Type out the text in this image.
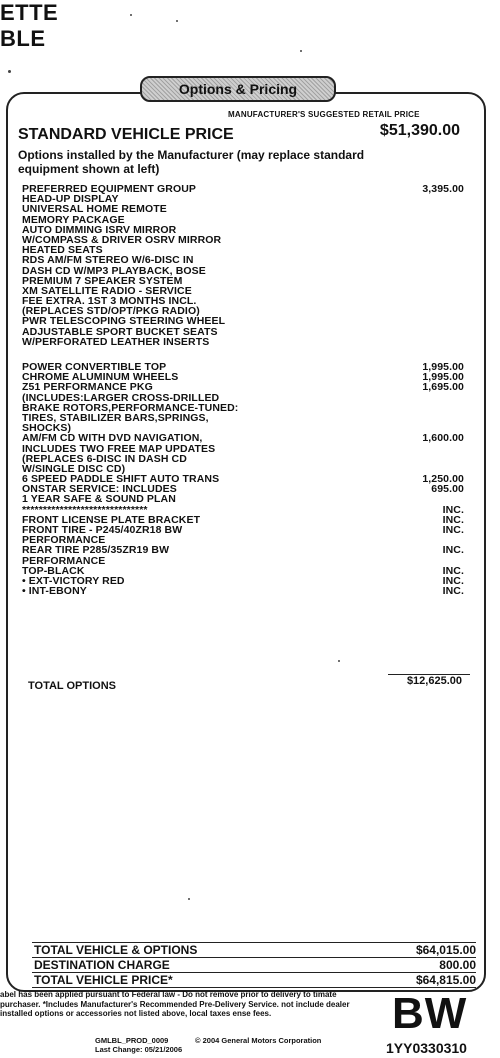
ETTE
BLE
Options & Pricing
MANUFACTURER'S SUGGESTED RETAIL PRICE
STANDARD VEHICLE PRICE	$51,390.00
Options installed by the Manufacturer (may replace standard equipment shown at left)
PREFERRED EQUIPMENT GROUP	3,395.00
HEAD-UP DISPLAY
UNIVERSAL HOME REMOTE
MEMORY PACKAGE
AUTO DIMMING ISRV MIRROR
W/COMPASS & DRIVER OSRV MIRROR
HEATED SEATS
RDS AM/FM STEREO W/6-DISC IN
DASH CD W/MP3 PLAYBACK, BOSE
PREMIUM 7 SPEAKER SYSTEM
XM SATELLITE RADIO - SERVICE
FEE EXTRA. 1ST 3 MONTHS INCL.
(REPLACES STD/OPT/PKG RADIO)
PWR TELESCOPING STEERING WHEEL
ADJUSTABLE SPORT BUCKET SEATS
W/PERFORATED LEATHER INSERTS
POWER CONVERTIBLE TOP	1,995.00
CHROME ALUMINUM WHEELS	1,995.00
Z51 PERFORMANCE PKG	1,695.00
(INCLUDES:LARGER CROSS-DRILLED
BRAKE ROTORS,PERFORMANCE-TUNED:
TIRES, STABILIZER BARS,SPRINGS,
SHOCKS)
AM/FM CD WITH DVD NAVIGATION,	1,600.00
INCLUDES TWO FREE MAP UPDATES
(REPLACES 6-DISC IN DASH CD
W/SINGLE DISC CD)
6 SPEED PADDLE SHIFT AUTO TRANS	1,250.00
ONSTAR SERVICE: INCLUDES	695.00
1 YEAR SAFE & SOUND PLAN
******************************	INC.
FRONT LICENSE PLATE BRACKET	INC.
FRONT TIRE - P245/40ZR18 BW	INC.
PERFORMANCE
REAR TIRE P285/35ZR19 BW	INC.
PERFORMANCE
TOP-BLACK	INC.
• EXT-VICTORY RED	INC.
• INT-EBONY	INC.
TOTAL OPTIONS	$12,625.00
TOTAL VEHICLE & OPTIONS	$64,015.00
DESTINATION CHARGE	800.00
TOTAL VEHICLE PRICE*	$64,815.00
abel has been applied pursuant to Federal law - Do not remove prior to delivery to timate purchaser. *Includes Manufacturer's Recommended Pre-Delivery Service. not include dealer installed options or accessories not listed above, local taxes ense fees.
GMLBL_PROD_0009
Last Change: 05/21/2006
© 2004 General Motors Corporation
BW
1YY0330310
